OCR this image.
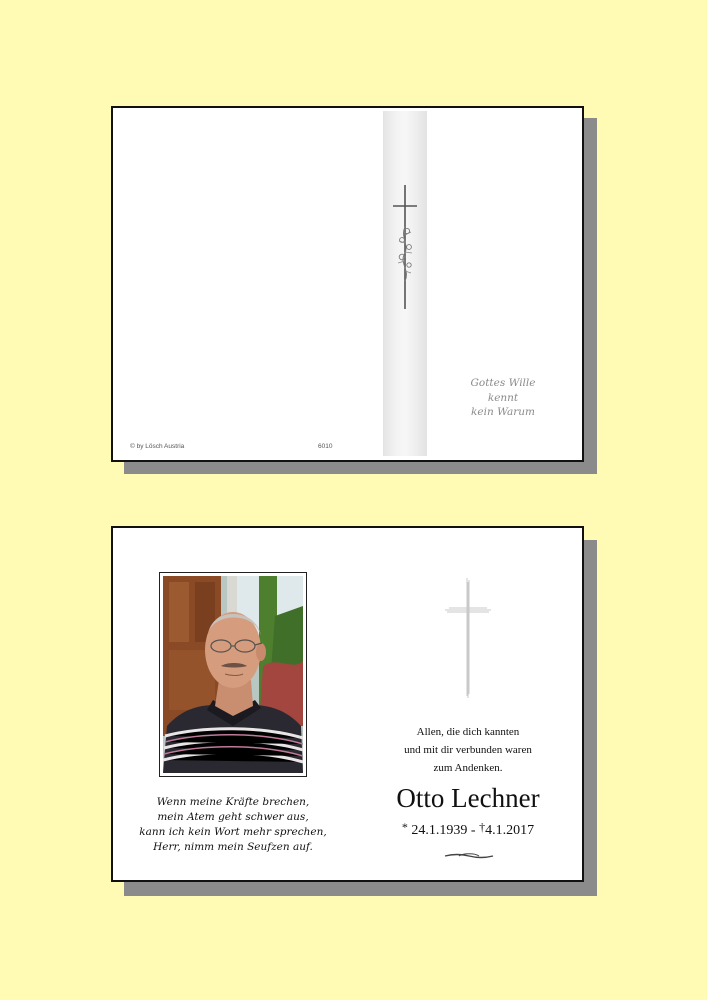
Gottes Wille
kennt
kein Warum
© by Lösch Austria	6010
Wenn meine Kräfte brechen,
mein Atem geht schwer aus,
kann ich kein Wort mehr sprechen,
Herr, nimm mein Seufzen auf.
Allen, die dich kannten
und mit dir verbunden waren
zum Andenken.
Otto Lechner
* 24.1.1939 - †4.1.2017
